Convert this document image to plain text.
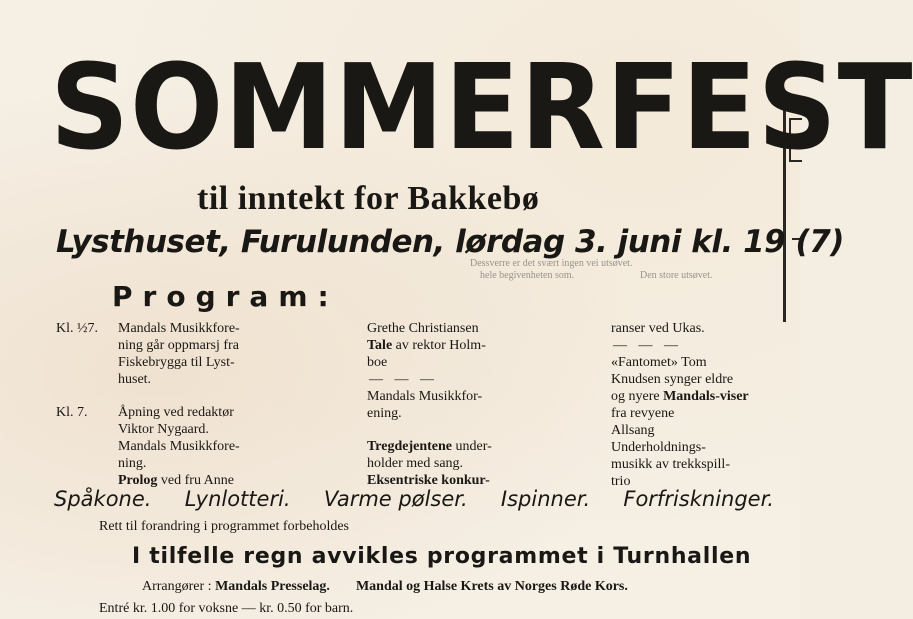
S O M M E R F E S T
til inntekt for Bakkebø
Lysthuset, Furulunden, lørdag 3. juni kl. 19 (7)
Dessverre er det svært ingen vei utsøvet.
hele begivenheten som.	Den store utsøvet.
Program:
Kl. ½7.	Mandals Musikkfore-
ning går oppmarsj fra
Fiskebrygga til Lyst-
huset.
Kl. 7.	Åpning ved redaktør
Viktor Nygaard.
Mandals Musikkfore-
ning.
Prolog ved fru Anne
Grethe Christiansen
Tale av rektor Holm-
boe
— — —
Mandals Musikkfor-
ening.
Tregdejentene under-
holder med sang.
Eksentriske konkur-
ranser ved Ukas.
— — —
«Fantomet» Tom
Knudsen synger eldre
og nyere Mandals-viser
fra revyene
Allsang
Underholdnings-
musikk av trekkspill-
trio
Spåkone. Lynlotteri. Varme pølser. Ispinner. Forfriskninger.
Rett til forandring i programmet forbeholdes
I tilfelle regn avvikles programmet i Turnhallen
Arrangører : Mandals Presselag. Mandal og Halse Krets av Norges Røde Kors.
Entré kr. 1.00 for voksne — kr. 0.50 for barn.
